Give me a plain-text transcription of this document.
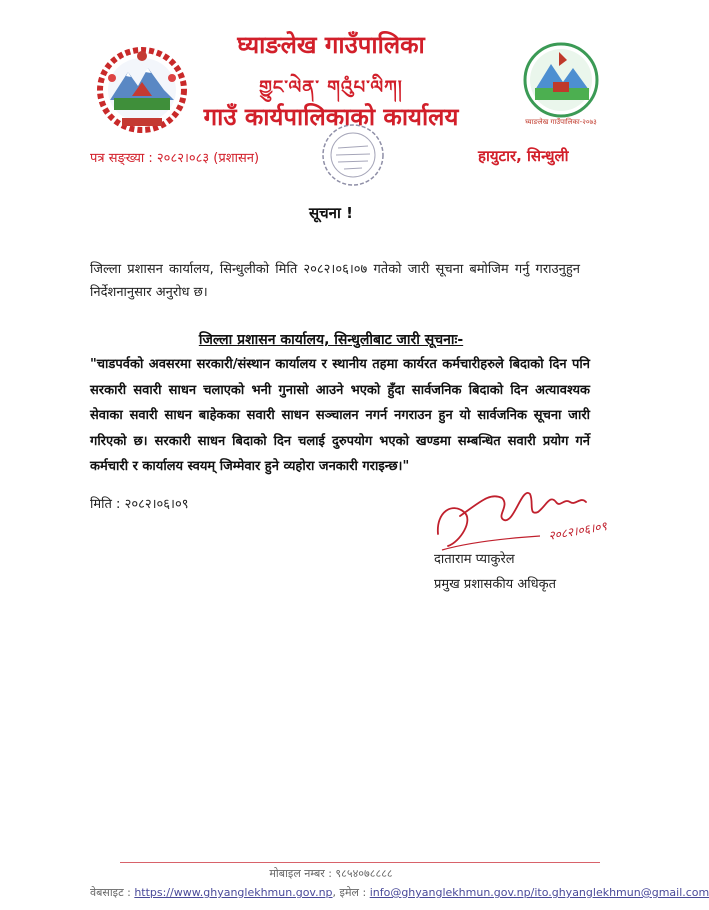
घ्याङलेख गाउँपालिका-२०७३
घ्याङलेख गाउँपालिका
གྱུང་ལེན་ གའུཾཔ་ལིཀ།
गाउँ कार्यपालिकाको कार्यालय
पत्र सङ्ख्या : २०८२।०८३ (प्रशासन)	हायुटार, सिन्धुली
सूचना !
जिल्ला प्रशासन कार्यालय, सिन्धुलीको मिति २०८२।०६।०७ गतेको जारी सूचना बमोजिम गर्नु गराउनुहुन निर्देशनानुसार अनुरोध छ।
जिल्ला प्रशासन कार्यालय, सिन्धुलीबाट जारी सूचनाः-
"चाडपर्वको अवसरमा सरकारी/संस्थान कार्यालय र स्थानीय तहमा कार्यरत कर्मचारीहरुले बिदाको दिन पनि सरकारी सवारी साधन चलाएको भनी गुनासो आउने भएको हुँदा सार्वजनिक बिदाको दिन अत्यावश्यक सेवाका सवारी साधन बाहेकका सवारी साधन सञ्चालन नगर्न नगराउन हुन यो सार्वजनिक सूचना जारी गरिएको छ। सरकारी साधन बिदाको दिन चलाई दुरुपयोग भएको खण्डमा सम्बन्धित सवारी प्रयोग गर्ने कर्मचारी र कार्यालय स्वयम् जिम्मेवार हुने व्यहोरा जनकारी गराइन्छ।"
मिति : २०८२।०६।०९
२०८२।०६।०९
दाताराम प्याकुरेल
प्रमुख प्रशासकीय अधिकृत
मोबाइल नम्बर : ९८५४०७८८८८
वेबसाइट : https://www.ghyanglekhmun.gov.np, इमेल : info@ghyanglekhmun.gov.np/ito.ghyanglekhmun@gmail.com
